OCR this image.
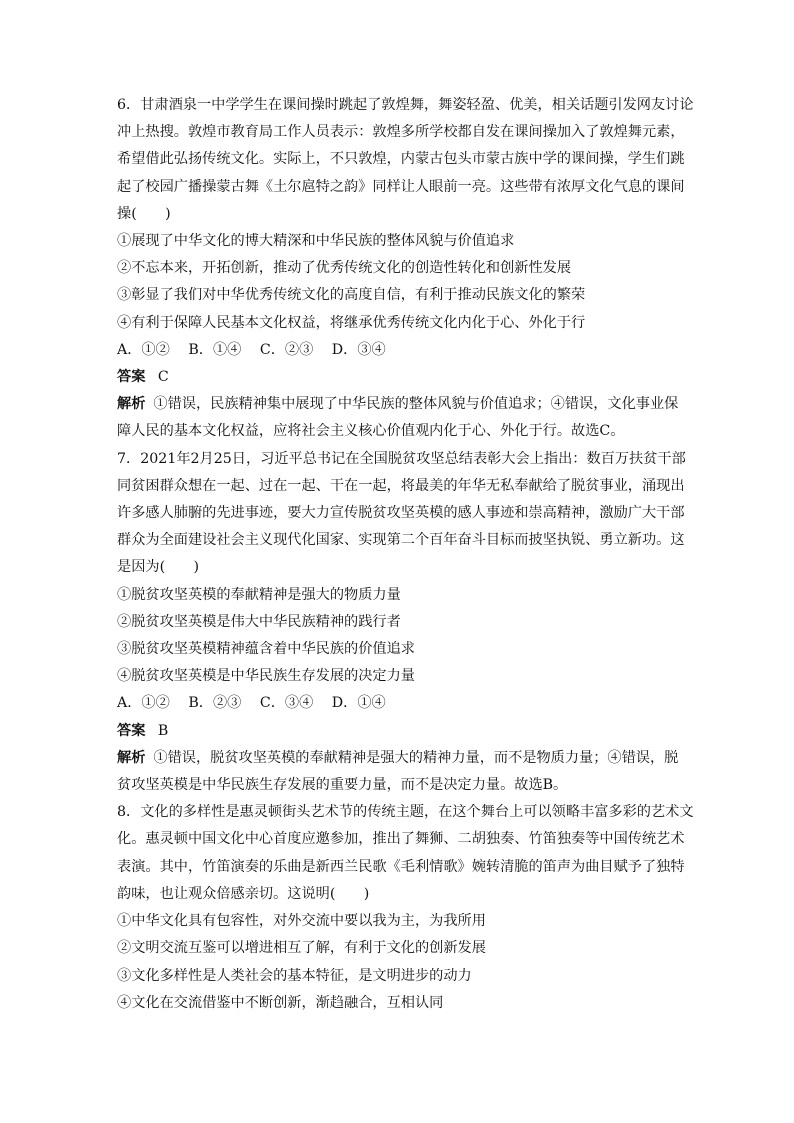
6．甘肃酒泉一中学学生在课间操时跳起了敦煌舞，舞姿轻盈、优美，相关话题引发网友讨论
冲上热搜。敦煌市教育局工作人员表示：敦煌多所学校都自发在课间操加入了敦煌舞元素，
希望借此弘扬传统文化。实际上，不只敦煌，内蒙古包头市蒙古族中学的课间操，学生们跳
起了校园广播操蒙古舞《土尔扈特之韵》同样让人眼前一亮。这些带有浓厚文化气息的课间
操(　　)
①展现了中华文化的博大精深和中华民族的整体风貌与价值追求
②不忘本来，开拓创新，推动了优秀传统文化的创造性转化和创新性发展
③彰显了我们对中华优秀传统文化的高度自信，有利于推动民族文化的繁荣
④有利于保障人民基本文化权益，将继承优秀传统文化内化于心、外化于行
A．①② B．①④ C．②③ D．③④
答案 C
解析 ①错误，民族精神集中展现了中华民族的整体风貌与价值追求；④错误，文化事业保
障人民的基本文化权益，应将社会主义核心价值观内化于心、外化于行。故选C。
7．2021年2月25日，习近平总书记在全国脱贫攻坚总结表彰大会上指出：数百万扶贫干部
同贫困群众想在一起、过在一起、干在一起，将最美的年华无私奉献给了脱贫事业，涌现出
许多感人肺腑的先进事迹，要大力宣传脱贫攻坚英模的感人事迹和崇高精神，激励广大干部
群众为全面建设社会主义现代化国家、实现第二个百年奋斗目标而披坚执锐、勇立新功。这
是因为(　　)
①脱贫攻坚英模的奉献精神是强大的物质力量
②脱贫攻坚英模是伟大中华民族精神的践行者
③脱贫攻坚英模精神蕴含着中华民族的价值追求
④脱贫攻坚英模是中华民族生存发展的决定力量
A．①② B．②③ C．③④ D．①④
答案 B
解析 ①错误，脱贫攻坚英模的奉献精神是强大的精神力量，而不是物质力量；④错误，脱
贫攻坚英模是中华民族生存发展的重要力量，而不是决定力量。故选B。
8．文化的多样性是惠灵顿街头艺术节的传统主题，在这个舞台上可以领略丰富多彩的艺术文
化。惠灵顿中国文化中心首度应邀参加，推出了舞狮、二胡独奏、竹笛独奏等中国传统艺术
表演。其中，竹笛演奏的乐曲是新西兰民歌《毛利情歌》婉转清脆的笛声为曲目赋予了独特
韵味，也让观众倍感亲切。这说明(　　)
①中华文化具有包容性，对外交流中要以我为主，为我所用
②文明交流互鉴可以增进相互了解，有利于文化的创新发展
③文化多样性是人类社会的基本特征，是文明进步的动力
④文化在交流借鉴中不断创新，渐趋融合，互相认同
